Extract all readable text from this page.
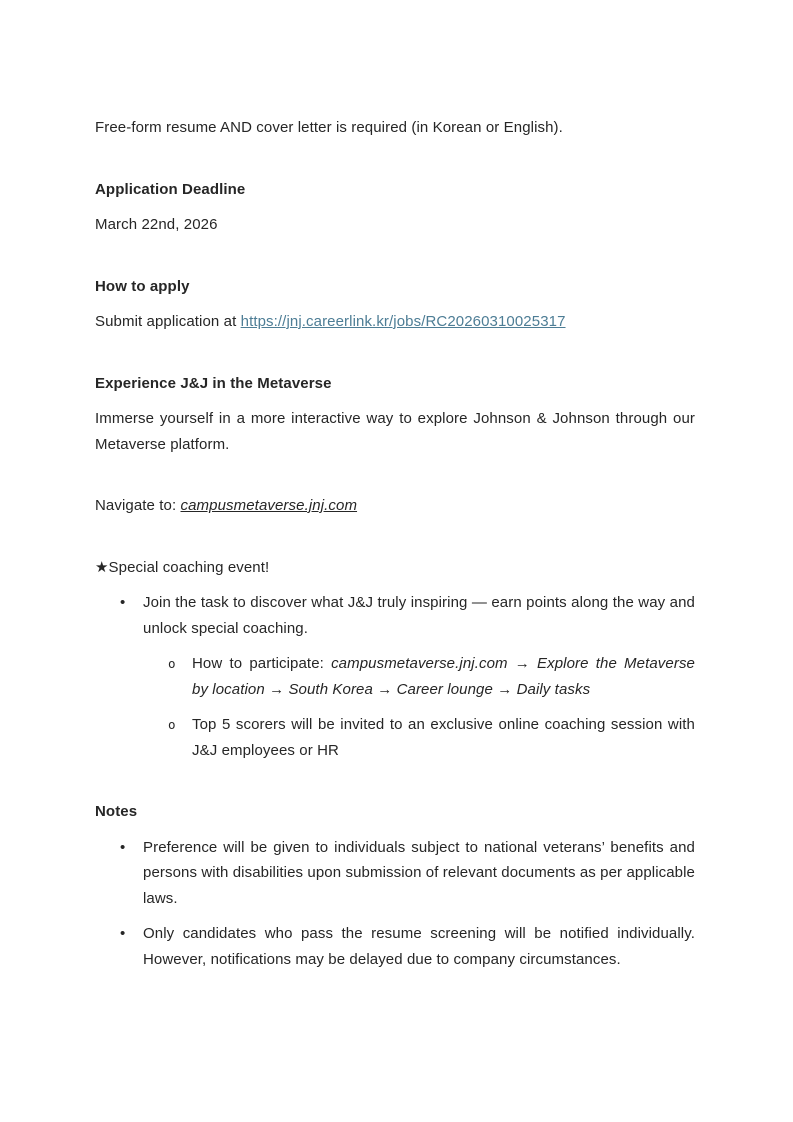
Free-form resume AND cover letter is required (in Korean or English).

Application Deadline

March 22nd, 2026

How to apply

Submit application at https://jnj.careerlink.kr/jobs/RC20260310025317

Experience J&J in the Metaverse

Immerse yourself in a more interactive way to explore Johnson & Johnson through our Metaverse platform.

Navigate to: campusmetaverse.jnj.com

★Special coaching event!

•	Join the task to discover what J&J truly inspiring — earn points along the way and unlock special coaching.
o	How to participate: campusmetaverse.jnj.com → Explore the Metaverse by location → South Korea → Career lounge → Daily tasks
o	Top 5 scorers will be invited to an exclusive online coaching session with J&J employees or HR

Notes

•	Preference will be given to individuals subject to national veterans’ benefits and persons with disabilities upon submission of relevant documents as per applicable laws.
•	Only candidates who pass the resume screening will be notified individually. However, notifications may be delayed due to company circumstances.
